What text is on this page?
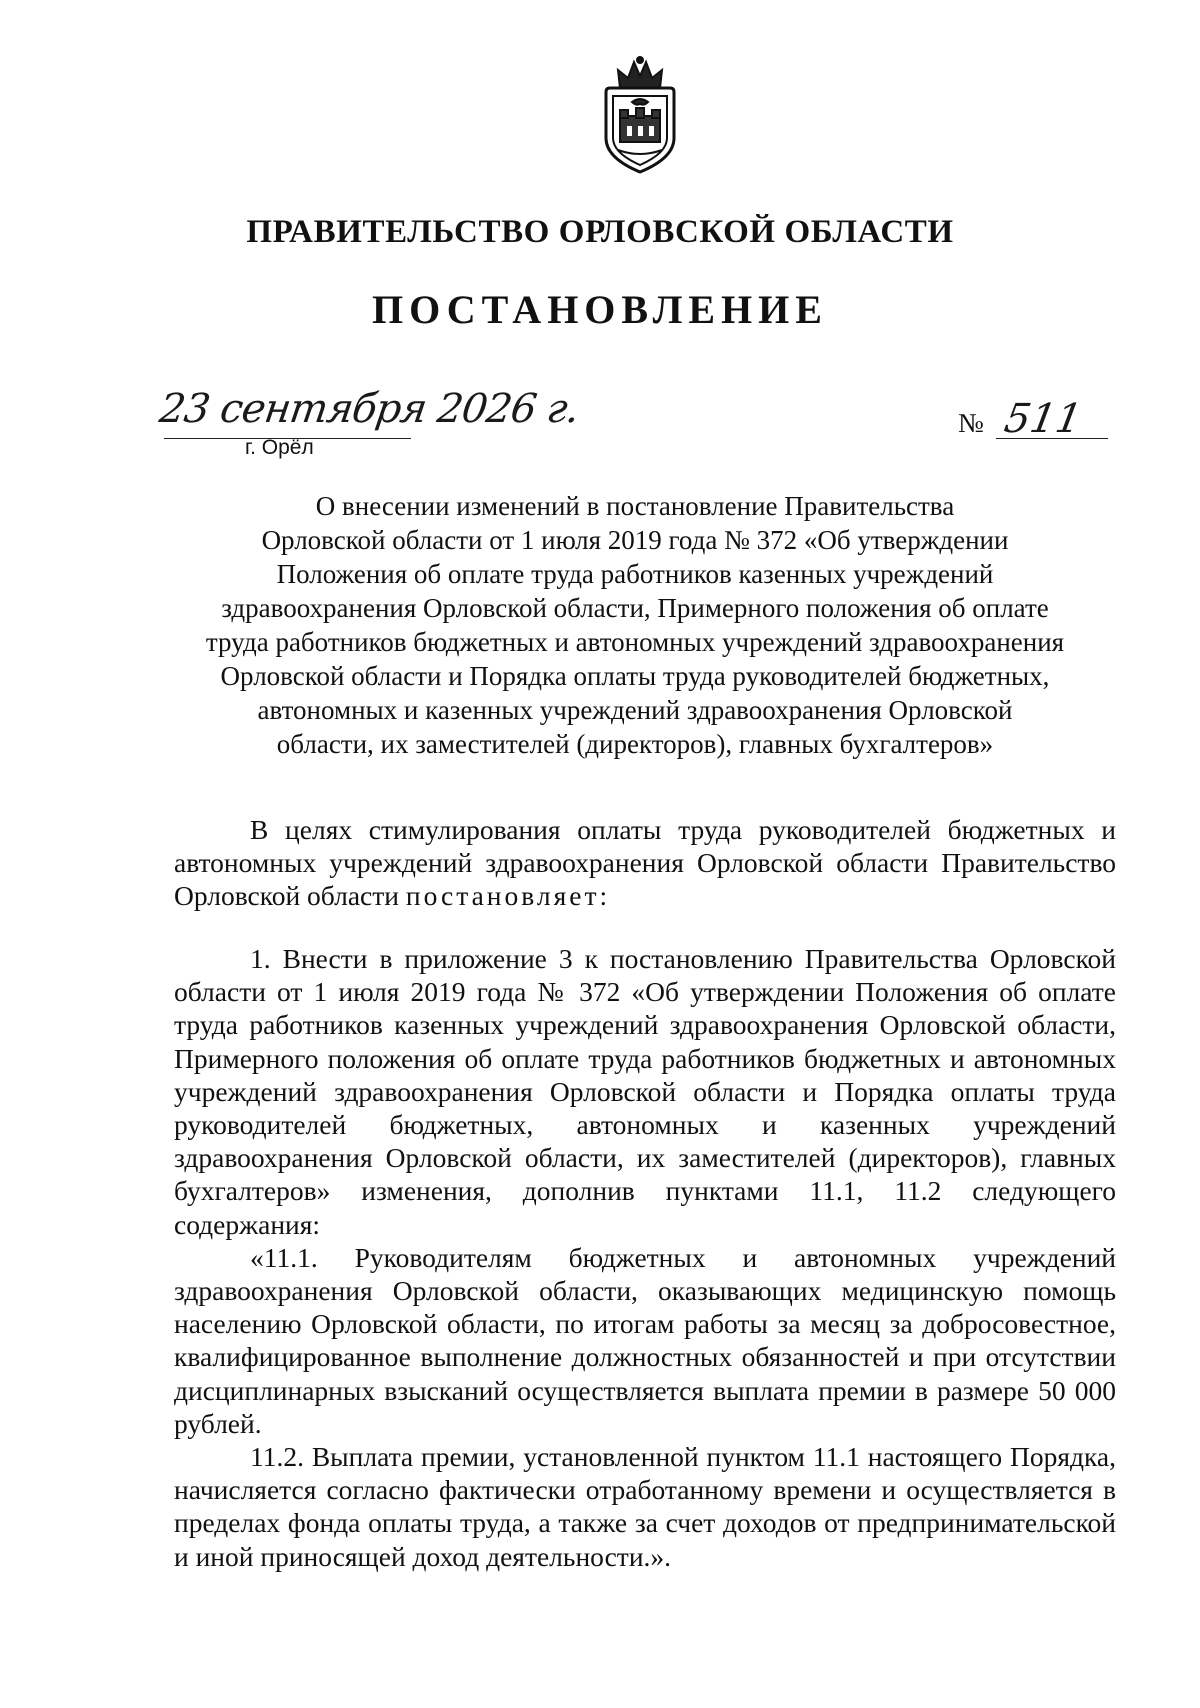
ПРАВИТЕЛЬСТВО ОРЛОВСКОЙ ОБЛАСТИ
ПОСТАНОВЛЕНИЕ
23 сентября 2026 г.
г. Орёл
№ 511
О внесении изменений в постановление Правительства
Орловской области от 1 июля 2019 года № 372 «Об утверждении
Положения об оплате труда работников казенных учреждений
здравоохранения Орловской области, Примерного положения об оплате
труда работников бюджетных и автономных учреждений здравоохранения
Орловской области и Порядка оплаты труда руководителей бюджетных,
автономных и казенных учреждений здравоохранения Орловской
области, их заместителей (директоров), главных бухгалтеров»

В целях стимулирования оплаты труда руководителей бюджетных и автономных учреждений здравоохранения Орловской области Правительство Орловской области постановляет:

1. Внести в приложение 3 к постановлению Правительства Орловской области от 1 июля 2019 года № 372 «Об утверждении Положения об оплате труда работников казенных учреждений здравоохранения Орловской области, Примерного положения об оплате труда работников бюджетных и автономных учреждений здравоохранения Орловской области и Порядка оплаты труда руководителей бюджетных, автономных и казенных учреждений здравоохранения Орловской области, их заместителей (директоров), главных бухгалтеров» изменения, дополнив пунктами 11.1, 11.2 следующего содержания:

«11.1. Руководителям бюджетных и автономных учреждений здравоохранения Орловской области, оказывающих медицинскую помощь населению Орловской области, по итогам работы за месяц за добросовестное, квалифицированное выполнение должностных обязанностей и при отсутствии дисциплинарных взысканий осуществляется выплата премии в размере 50 000 рублей.

11.2. Выплата премии, установленной пунктом 11.1 настоящего Порядка, начисляется согласно фактически отработанному времени и осуществляется в пределах фонда оплаты труда, а также за счет доходов от предпринимательской и иной приносящей доход деятельности.».
